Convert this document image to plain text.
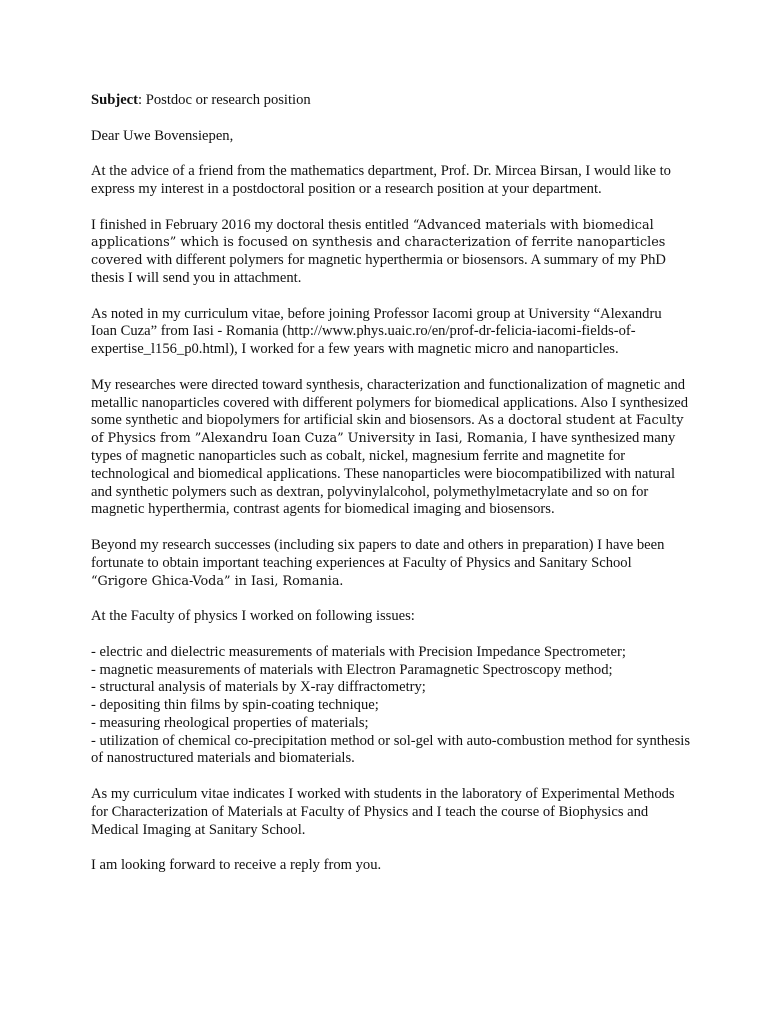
Subject: Postdoc or research position

Dear Uwe Bovensiepen,

At the advice of a friend from the mathematics department, Prof. Dr. Mircea Birsan, I would like to express my interest in a postdoctoral position or a research position at your department.

I finished in February 2016 my doctoral thesis entitled “Advanced materials with biomedical applications” which is focused on synthesis and characterization of ferrite nanoparticles covered with different polymers for magnetic hyperthermia or biosensors. A summary of my PhD thesis I will send you in attachment.

As noted in my curriculum vitae, before joining Professor Iacomi group at University “Alexandru Ioan Cuza” from Iasi - Romania (http://www.phys.uaic.ro/en/prof-dr-felicia-iacomi-fields-of-expertise_l156_p0.html), I worked for a few years with magnetic micro and nanoparticles.

My researches were directed toward synthesis, characterization and functionalization of magnetic and metallic nanoparticles covered with different polymers for biomedical applications. Also I synthesized some synthetic and biopolymers for artificial skin and biosensors. As a doctoral student at Faculty of Physics from ”Alexandru Ioan Cuza” University in Iasi, Romania, I have synthesized many types of magnetic nanoparticles such as cobalt, nickel, magnesium ferrite and magnetite for technological and biomedical applications. These nanoparticles were biocompatibilized with natural and synthetic polymers such as dextran, polyvinylalcohol, polymethylmetacrylate and so on for magnetic hyperthermia, contrast agents for biomedical imaging and biosensors.

Beyond my research successes (including six papers to date and others in preparation) I have been fortunate to obtain important teaching experiences at Faculty of Physics and Sanitary School “Grigore Ghica-Voda” in Iasi, Romania.

At the Faculty of physics I worked on following issues:

- electric and dielectric measurements of materials with Precision Impedance Spectrometer;
- magnetic measurements of materials with Electron Paramagnetic Spectroscopy method;
- structural analysis of materials by X-ray diffractometry;
- depositing thin films by spin-coating technique;
- measuring rheological properties of materials;
- utilization of chemical co-precipitation method or sol-gel with auto-combustion method for synthesis of nanostructured materials and biomaterials.

As my curriculum vitae indicates I worked with students in the laboratory of Experimental Methods for Characterization of Materials at Faculty of Physics and I teach the course of Biophysics and Medical Imaging at Sanitary School.

I am looking forward to receive a reply from you.
